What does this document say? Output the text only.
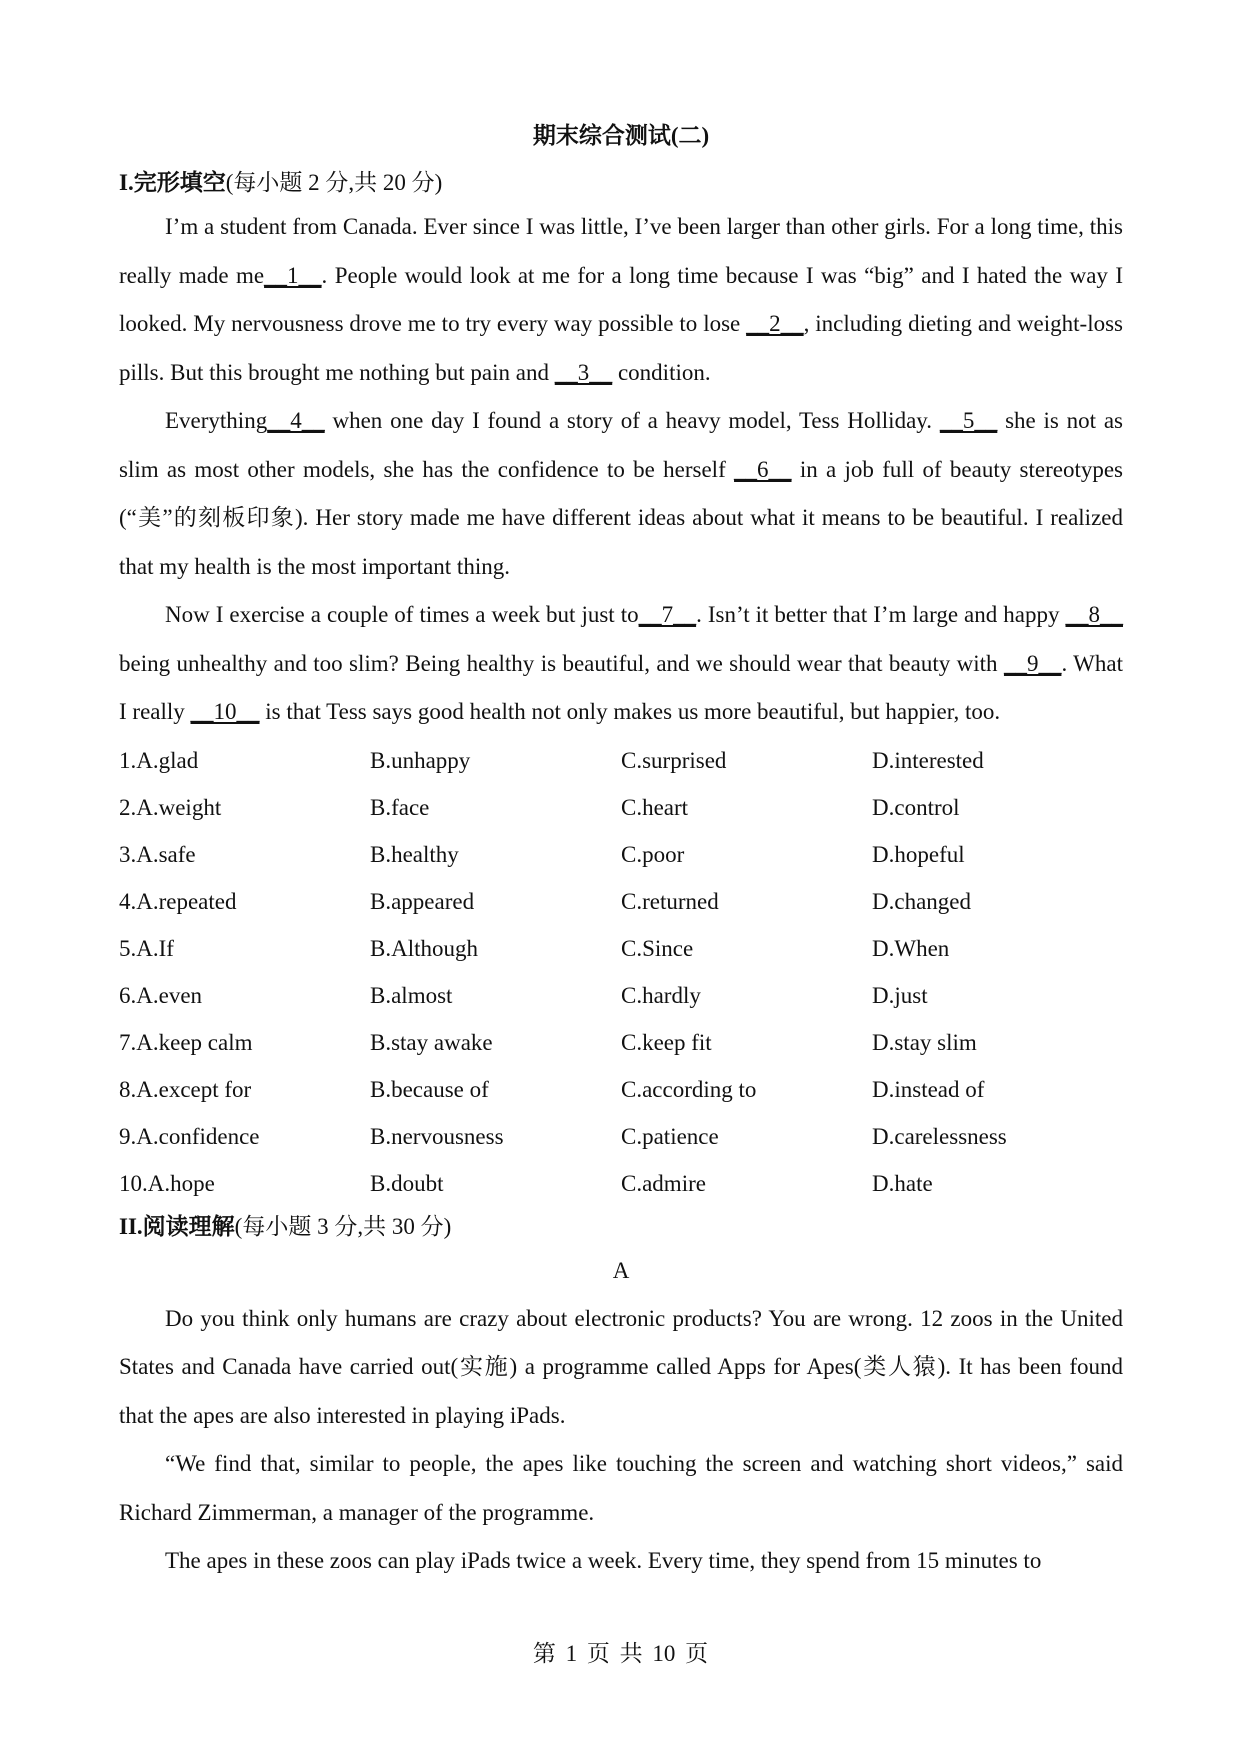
期末综合测试(二)
I.完形填空(每小题 2 分,共 20 分)

I’m a student from Canada. Ever since I was little, I’ve been larger than other girls. For a long time, this really made me__1__. People would look at me for a long time because I was “big” and I hated the way I looked. My nervousness drove me to try every way possible to lose __2__, including dieting and weight-loss pills. But this brought me nothing but pain and __3__ condition.

Everything__4__ when one day I found a story of a heavy model, Tess Holliday. __5__ she is not as slim as most other models, she has the confidence to be herself __6__ in a job full of beauty stereotypes (“美”的刻板印象). Her story made me have different ideas about what it means to be beautiful. I realized that my health is the most important thing.

Now I exercise a couple of times a week but just to__7__. Isn’t it better that I’m large and happy __8__ being unhealthy and too slim? Being healthy is beautiful, and we should wear that beauty with __9__. What I really __10__ is that Tess says good health not only makes us more beautiful, but happier, too.

1.A.glad	B.unhappy	C.surprised	D.interested
2.A.weight	B.face	C.heart	D.control
3.A.safe	B.healthy	C.poor	D.hopeful
4.A.repeated	B.appeared	C.returned	D.changed
5.A.If	B.Although	C.Since	D.When
6.A.even	B.almost	C.hardly	D.just
7.A.keep calm	B.stay awake	C.keep fit	D.stay slim
8.A.except for	B.because of	C.according to	D.instead of
9.A.confidence	B.nervousness	C.patience	D.carelessness
10.A.hope	B.doubt	C.admire	D.hate
II.阅读理解(每小题 3 分,共 30 分)
A

Do you think only humans are crazy about electronic products? You are wrong. 12 zoos in the United States and Canada have carried out(实施) a programme called Apps for Apes(类人猿). It has been found that the apes are also interested in playing iPads.

“We find that, similar to people, the apes like touching the screen and watching short videos,” said Richard Zimmerman, a manager of the programme.

The apes in these zoos can play iPads twice a week. Every time, they spend from 15 minutes to

第 1 页 共 10 页
